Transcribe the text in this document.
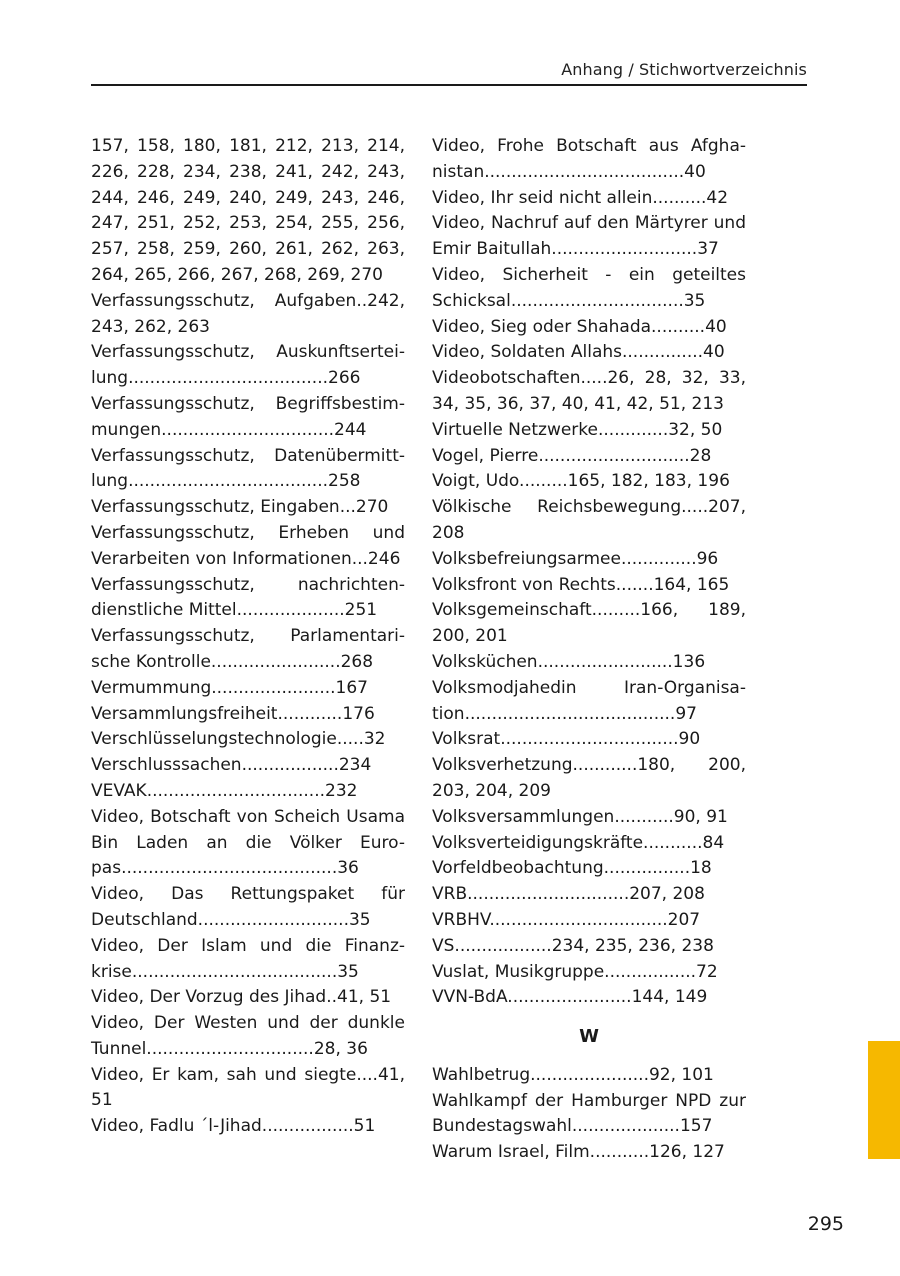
Anhang / Stichwortverzeichnis
157, 158, 180, 181, 212, 213, 214, 226, 228, 234, 238, 241, 242, 243, 244, 246, 249, 240, 249, 243, 246, 247, 251, 252, 253, 254, 255, 256, 257, 258, 259, 260, 261, 262, 263, 264, 265, 266, 267, 268, 269, 270
Verfassungsschutz, Aufgaben..242, 243, 262, 263
Verfassungsschutz, Auskunftsertei-lung.....................................266
Verfassungsschutz, Begriffsbestim-mungen................................244
Verfassungsschutz, Datenübermitt-lung.....................................258
Verfassungsschutz, Eingaben...270
Verfassungsschutz, Erheben und Verarbeiten von Informationen...246
Verfassungsschutz, nachrichten-dienstliche Mittel....................251
Verfassungsschutz, Parlamentari-sche Kontrolle........................268
Vermummung.......................167
Versammlungsfreiheit............176
Verschlüsselungstechnologie.....32
Verschlusssachen..................234
VEVAK.................................232
Video, Botschaft von Scheich Usama Bin Laden an die Völker Euro-pas........................................36
Video, Das Rettungspaket für Deutschland............................35
Video, Der Islam und die Finanz-krise......................................35
Video, Der Vorzug des Jihad..41, 51
Video, Der Westen und der dunkle Tunnel...............................28, 36
Video, Er kam, sah und siegte....41, 51
Video, Fadlu ´l-Jihad.................51
Video, Frohe Botschaft aus Afgha-nistan.....................................40
Video, Ihr seid nicht allein..........42
Video, Nachruf auf den Märtyrer und Emir Baitullah...........................37
Video, Sicherheit - ein geteiltes Schicksal................................35
Video, Sieg oder Shahada..........40
Video, Soldaten Allahs...............40
Videobotschaften.....26, 28, 32, 33, 34, 35, 36, 37, 40, 41, 42, 51, 213
Virtuelle Netzwerke.............32, 50
Vogel, Pierre............................28
Voigt, Udo.........165, 182, 183, 196
Völkische Reichsbewegung.....207, 208
Volksbefreiungsarmee..............96
Volksfront von Rechts.......164, 165
Volksgemeinschaft.........166, 189, 200, 201
Volksküchen.........................136
Volksmodjahedin Iran-Organisa-tion.......................................97
Volksrat.................................90
Volksverhetzung............180, 200, 203, 204, 209
Volksversammlungen...........90, 91
Volksverteidigungskräfte...........84
Vorfeldbeobachtung................18
VRB..............................207, 208
VRBHV.................................207
VS..................234, 235, 236, 238
Vuslat, Musikgruppe.................72
VVN-BdA.......................144, 149
W
Wahlbetrug......................92, 101
Wahlkampf der Hamburger NPD zur Bundestagswahl....................157
Warum Israel, Film...........126, 127
295
